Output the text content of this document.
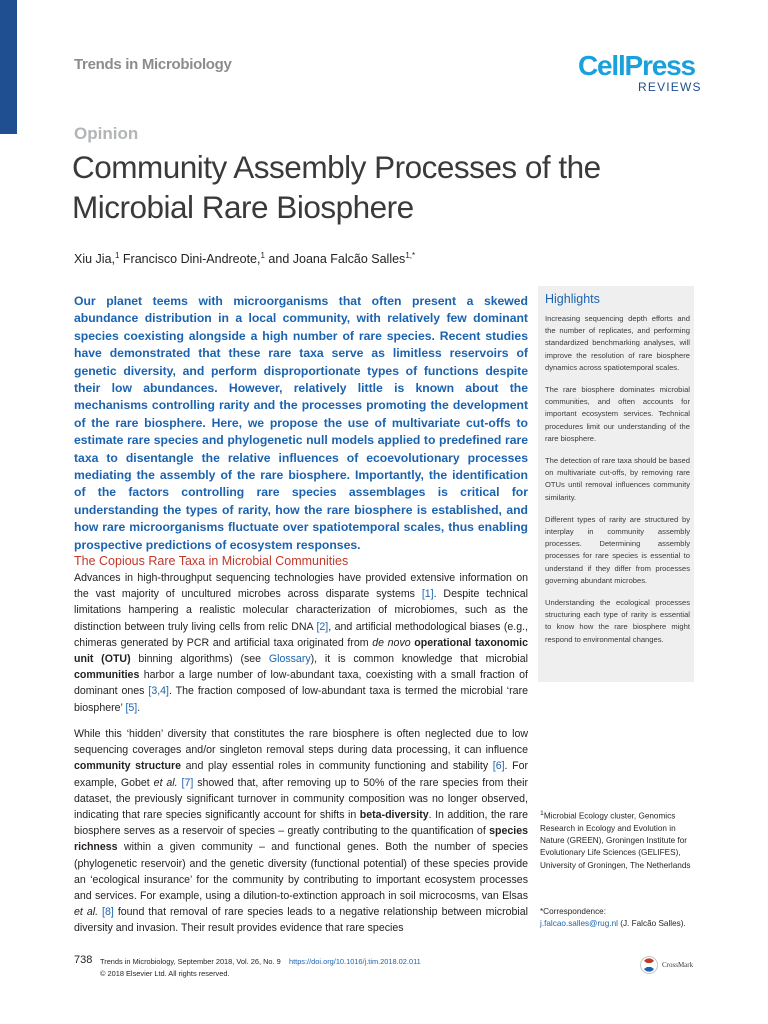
Trends in Microbiology	CellPress
REVIEWS
Opinion
Community Assembly Processes of the Microbial Rare Biosphere
Xiu Jia,$^1$ Francisco Dini-Andreote,$^1$ and Joana Falcão Salles$^{1,*}$

Our planet teems with microorganisms that often present a skewed abundance distribution in a local community, with relatively few dominant species coexisting alongside a high number of rare species. Recent studies have demonstrated that these rare taxa serve as limitless reservoirs of genetic diversity, and perform disproportionate types of functions despite their low abundances. However, relatively little is known about the mechanisms controlling rarity and the processes promoting the development of the rare biosphere. Here, we propose the use of multivariate cut-offs to estimate rare species and phylogenetic null models applied to predefined rare taxa to disentangle the relative influences of ecoevolutionary processes mediating the assembly of the rare biosphere. Importantly, the identification of the factors controlling rare species assemblages is critical for understanding the types of rarity, how the rare biosphere is established, and how rare microorganisms fluctuate over spatiotemporal scales, thus enabling prospective predictions of ecosystem responses.

Highlights

Increasing sequencing depth efforts and the number of replicates, and performing standardized benchmarking analyses, will improve the resolution of rare biosphere dynamics across spatiotemporal scales.

The rare biosphere dominates microbial communities, and often accounts for important ecosystem services. Technical procedures limit our understanding of the rare biosphere.

The detection of rare taxa should be based on multivariate cut-offs, by removing rare OTUs until removal influences community similarity.

Different types of rarity are structured by interplay in community assembly processes. Determining assembly processes for rare species is essential to understand if they differ from processes governing abundant microbes.

Understanding the ecological processes structuring each type of rarity is essential to know how the rare biosphere might respond to environmental changes.

The Copious Rare Taxa in Microbial Communities

Advances in high-throughput sequencing technologies have provided extensive information on the vast majority of uncultured microbes across disparate systems [1]. Despite technical limitations hampering a realistic molecular characterization of microbiomes, such as the distinction between truly living cells from relic DNA [2], and artificial methodological biases (e.g., chimeras generated by PCR and artificial taxa originated from de novo operational taxonomic unit (OTU) binning algorithms) (see Glossary), it is common knowledge that microbial communities harbor a large number of low-abundant taxa, coexisting with a small fraction of dominant ones [3,4]. The fraction composed of low-abundant taxa is termed the microbial ‘rare biosphere’ [5].

While this ‘hidden’ diversity that constitutes the rare biosphere is often neglected due to low sequencing coverages and/or singleton removal steps during data processing, it can influence community structure and play essential roles in community functioning and stability [6]. For example, Gobet et al. [7] showed that, after removing up to 50% of the rare species from their dataset, the previously significant turnover in community composition was no longer observed, indicating that rare species significantly account for shifts in beta-diversity. In addition, the rare biosphere serves as a reservoir of species – greatly contributing to the quantification of species richness within a given community – and functional genes. Both the number of species (phylogenetic reservoir) and the genetic diversity (functional potential) of these species provide an ‘ecological insurance’ for the community by contributing to important ecosystem processes and services. For example, using a dilution-to-extinction approach in soil microcosms, van Elsas et al. [8] found that removal of rare species leads to a negative relationship between microbial diversity and invasion. Their result provides evidence that rare species

$^1$Microbial Ecology cluster, Genomics Research in Ecology and Evolution in Nature (GREEN), Groningen Institute for Evolutionary Life Sciences (GELIFES), University of Groningen, The Netherlands
*Correspondence:
j.falcao.salles@rug.nl (J. Falcão Salles).
738 Trends in Microbiology, September 2018, Vol. 26, No. 9 https://doi.org/10.1016/j.tim.2018.02.011
© 2018 Elsevier Ltd. All rights reserved.
CrossMark
